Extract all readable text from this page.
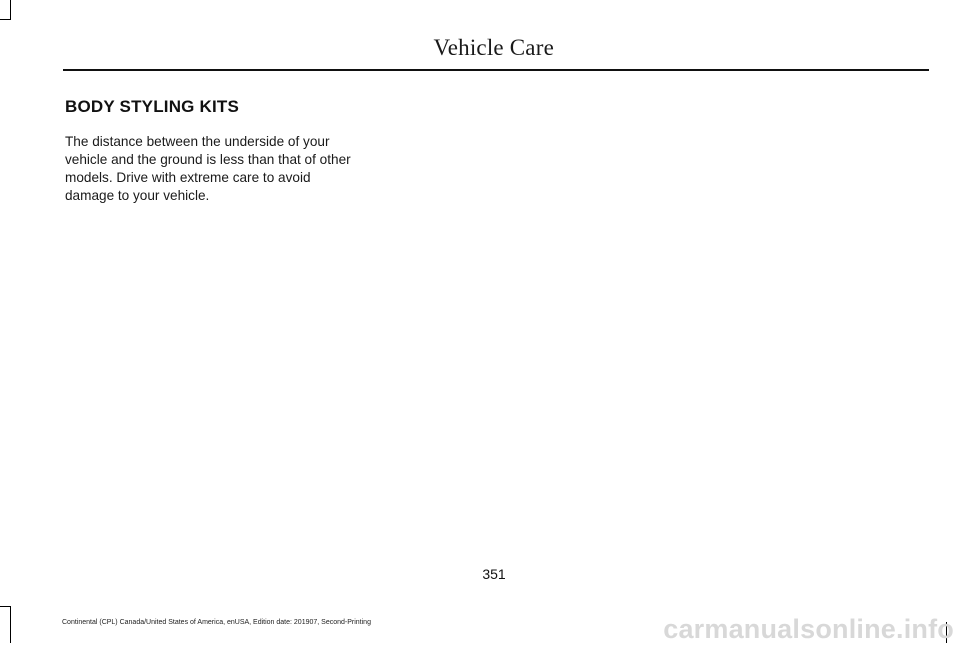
Vehicle Care
BODY STYLING KITS

The distance between the underside of your vehicle and the ground is less than that of other models. Drive with extreme care to avoid damage to your vehicle.

351
Continental (CPL) Canada/United States of America, enUSA, Edition date: 201907, Second-Printing	carmanualsonline.info
